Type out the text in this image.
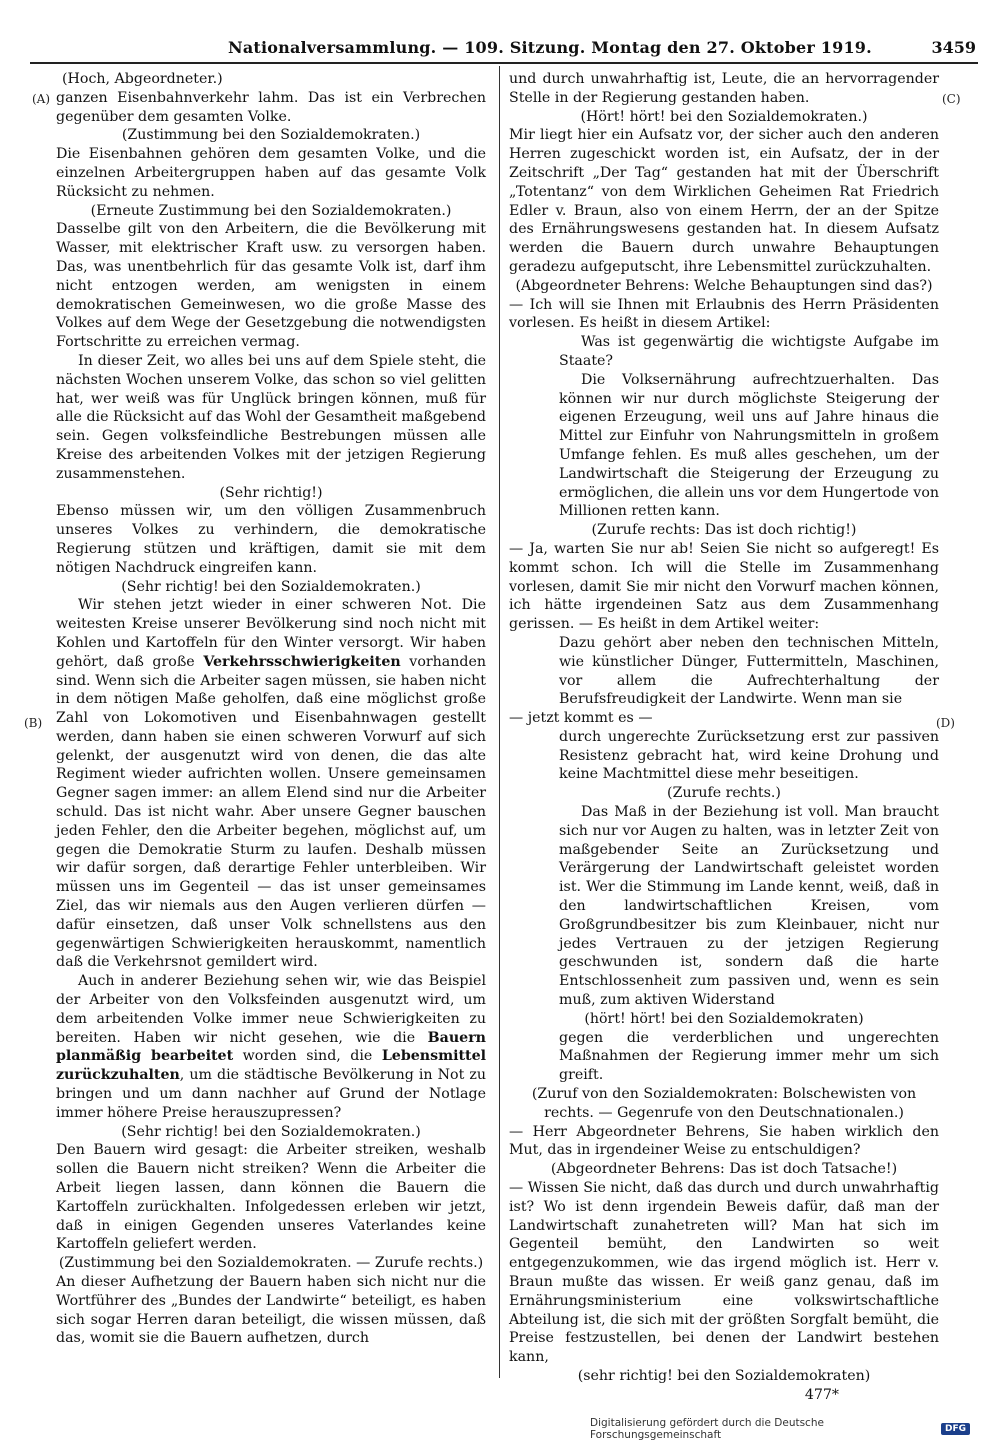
Nationalversammlung. — 109. Sitzung. Montag den 27. Oktober 1919.	3459
(A)
(B)
(C)
(D)

(Hoch, Abgeordneter.)

ganzen Eisenbahnverkehr lahm. Das ist ein Verbrechen gegenüber dem gesamten Volke.

(Zustimmung bei den Sozialdemokraten.)

Die Eisenbahnen gehören dem gesamten Volke, und die einzelnen Arbeitergruppen haben auf das gesamte Volk Rücksicht zu nehmen.

(Erneute Zustimmung bei den Sozialdemokraten.)

Dasselbe gilt von den Arbeitern, die die Bevölkerung mit Wasser, mit elektrischer Kraft usw. zu versorgen haben. Das, was unentbehrlich für das gesamte Volk ist, darf ihm nicht entzogen werden, am wenigsten in einem demokratischen Gemeinwesen, wo die große Masse des Volkes auf dem Wege der Gesetzgebung die notwendigsten Fortschritte zu erreichen vermag.

In dieser Zeit, wo alles bei uns auf dem Spiele steht, die nächsten Wochen unserem Volke, das schon so viel gelitten hat, wer weiß was für Unglück bringen können, muß für alle die Rücksicht auf das Wohl der Gesamtheit maßgebend sein. Gegen volksfeindliche Bestrebungen müssen alle Kreise des arbeitenden Volkes mit der jetzigen Regierung zusammenstehen.

(Sehr richtig!)

Ebenso müssen wir, um den völligen Zusammenbruch unseres Volkes zu verhindern, die demokratische Regierung stützen und kräftigen, damit sie mit dem nötigen Nachdruck eingreifen kann.

(Sehr richtig! bei den Sozialdemokraten.)

Wir stehen jetzt wieder in einer schweren Not. Die weitesten Kreise unserer Bevölkerung sind noch nicht mit Kohlen und Kartoffeln für den Winter versorgt. Wir haben gehört, daß große Verkehrsschwierigkeiten vorhanden sind. Wenn sich die Arbeiter sagen müssen, sie haben nicht in dem nötigen Maße geholfen, daß eine möglichst große Zahl von Lokomotiven und Eisenbahnwagen gestellt werden, dann haben sie einen schweren Vorwurf auf sich gelenkt, der ausgenutzt wird von denen, die das alte Regiment wieder aufrichten wollen. Unsere gemeinsamen Gegner sagen immer: an allem Elend sind nur die Arbeiter schuld. Das ist nicht wahr. Aber unsere Gegner bauschen jeden Fehler, den die Arbeiter begehen, möglichst auf, um gegen die Demokratie Sturm zu laufen. Deshalb müssen wir dafür sorgen, daß derartige Fehler unterbleiben. Wir müssen uns im Gegenteil — das ist unser gemeinsames Ziel, das wir niemals aus den Augen verlieren dürfen — dafür einsetzen, daß unser Volk schnellstens aus den gegenwärtigen Schwierigkeiten herauskommt, namentlich daß die Verkehrsnot gemildert wird.

Auch in anderer Beziehung sehen wir, wie das Beispiel der Arbeiter von den Volksfeinden ausgenutzt wird, um dem arbeitenden Volke immer neue Schwierigkeiten zu bereiten. Haben wir nicht gesehen, wie die Bauern planmäßig bearbeitet worden sind, die Lebensmittel zurückzuhalten, um die städtische Bevölkerung in Not zu bringen und um dann nachher auf Grund der Notlage immer höhere Preise herauszupressen?

(Sehr richtig! bei den Sozialdemokraten.)

Den Bauern wird gesagt: die Arbeiter streiken, weshalb sollen die Bauern nicht streiken? Wenn die Arbeiter die Arbeit liegen lassen, dann können die Bauern die Kartoffeln zurückhalten. Infolgedessen erleben wir jetzt, daß in einigen Gegenden unseres Vaterlandes keine Kartoffeln geliefert werden.

(Zustimmung bei den Sozialdemokraten. — Zurufe rechts.)

An dieser Aufhetzung der Bauern haben sich nicht nur die Wortführer des „Bundes der Landwirte“ beteiligt, es haben sich sogar Herren daran beteiligt, die wissen müssen, daß das, womit sie die Bauern aufhetzen, durch

und durch unwahrhaftig ist, Leute, die an hervorragender Stelle in der Regierung gestanden haben.

(Hört! hört! bei den Sozialdemokraten.)

Mir liegt hier ein Aufsatz vor, der sicher auch den anderen Herren zugeschickt worden ist, ein Aufsatz, der in der Zeitschrift „Der Tag“ gestanden hat mit der Überschrift „Totentanz“ von dem Wirklichen Geheimen Rat Friedrich Edler v. Braun, also von einem Herrn, der an der Spitze des Ernährungswesens gestanden hat. In diesem Aufsatz werden die Bauern durch unwahre Behauptungen geradezu aufgeputscht, ihre Lebensmittel zurückzuhalten.

(Abgeordneter Behrens: Welche Behauptungen sind das?)

— Ich will sie Ihnen mit Erlaubnis des Herrn Präsidenten vorlesen. Es heißt in diesem Artikel:

Was ist gegenwärtig die wichtigste Aufgabe im Staate?

Die Volksernährung aufrechtzuerhalten. Das können wir nur durch möglichste Steigerung der eigenen Erzeugung, weil uns auf Jahre hinaus die Mittel zur Einfuhr von Nahrungsmitteln in großem Umfange fehlen. Es muß alles geschehen, um der Landwirtschaft die Steigerung der Erzeugung zu ermöglichen, die allein uns vor dem Hungertode von Millionen retten kann.

(Zurufe rechts: Das ist doch richtig!)

— Ja, warten Sie nur ab! Seien Sie nicht so aufgeregt! Es kommt schon. Ich will die Stelle im Zusammenhang vorlesen, damit Sie mir nicht den Vorwurf machen können, ich hätte irgendeinen Satz aus dem Zusammenhang gerissen. — Es heißt in dem Artikel weiter:

Dazu gehört aber neben den technischen Mitteln, wie künstlicher Dünger, Futtermitteln, Maschinen, vor allem die Aufrechterhaltung der Berufsfreudigkeit der Landwirte. Wenn man sie

— jetzt kommt es —

durch ungerechte Zurücksetzung erst zur passiven Resistenz gebracht hat, wird keine Drohung und keine Machtmittel diese mehr beseitigen.

(Zurufe rechts.)

Das Maß in der Beziehung ist voll. Man braucht sich nur vor Augen zu halten, was in letzter Zeit von maßgebender Seite an Zurücksetzung und Verärgerung der Landwirtschaft geleistet worden ist. Wer die Stimmung im Lande kennt, weiß, daß in den landwirtschaftlichen Kreisen, vom Großgrundbesitzer bis zum Kleinbauer, nicht nur jedes Vertrauen zu der jetzigen Regierung geschwunden ist, sondern daß die harte Entschlossenheit zum passiven und, wenn es sein muß, zum aktiven Widerstand

(hört! hört! bei den Sozialdemokraten)

gegen die verderblichen und ungerechten Maßnahmen der Regierung immer mehr um sich greift.

(Zuruf von den Sozialdemokraten: Bolschewisten von rechts. — Gegenrufe von den Deutschnationalen.)

— Herr Abgeordneter Behrens, Sie haben wirklich den Mut, das in irgendeiner Weise zu entschuldigen?

(Abgeordneter Behrens: Das ist doch Tatsache!)

— Wissen Sie nicht, daß das durch und durch unwahrhaftig ist? Wo ist denn irgendein Beweis dafür, daß man der Landwirtschaft zunahetreten will? Man hat sich im Gegenteil bemüht, den Landwirten so weit entgegenzukommen, wie das irgend möglich ist. Herr v. Braun mußte das wissen. Er weiß ganz genau, daß im Ernährungsministerium eine volkswirtschaftliche Abteilung ist, die sich mit der größten Sorgfalt bemüht, die Preise festzustellen, bei denen der Landwirt bestehen kann,

(sehr richtig! bei den Sozialdemokraten)

477*

Digitalisierung gefördert durch die Deutsche Forschungsgemeinschaft	DFG
